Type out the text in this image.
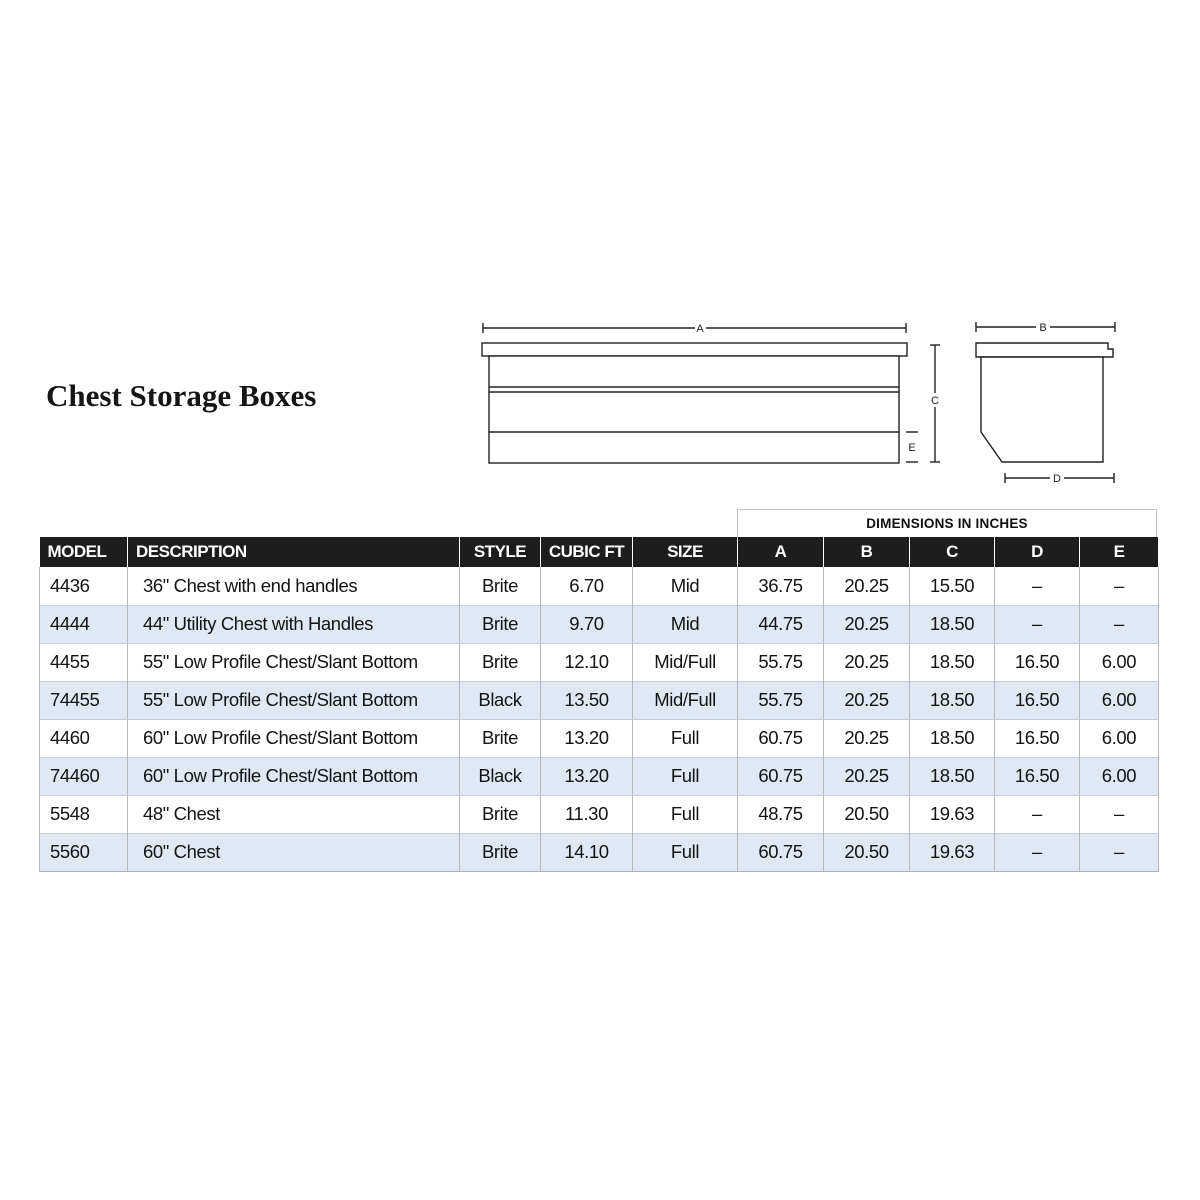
Chest Storage Boxes
A	B
C
D
E
DIMENSIONS IN INCHES
MODEL	DESCRIPTION	STYLE	CUBIC FT	SIZE	A	B	C	D	E
4436	36" Chest with end handles	Brite	6.70	Mid	36.75	20.25	15.50	–	–
4444	44" Utility Chest with Handles	Brite	9.70	Mid	44.75	20.25	18.50	–	–
4455	55" Low Profile Chest/Slant Bottom	Brite	12.10	Mid/Full	55.75	20.25	18.50	16.50	6.00
74455	55" Low Profile Chest/Slant Bottom	Black	13.50	Mid/Full	55.75	20.25	18.50	16.50	6.00
4460	60" Low Profile Chest/Slant Bottom	Brite	13.20	Full	60.75	20.25	18.50	16.50	6.00
74460	60" Low Profile Chest/Slant Bottom	Black	13.20	Full	60.75	20.25	18.50	16.50	6.00
5548	48" Chest	Brite	11.30	Full	48.75	20.50	19.63	–	–
5560	60" Chest	Brite	14.10	Full	60.75	20.50	19.63	–	–
